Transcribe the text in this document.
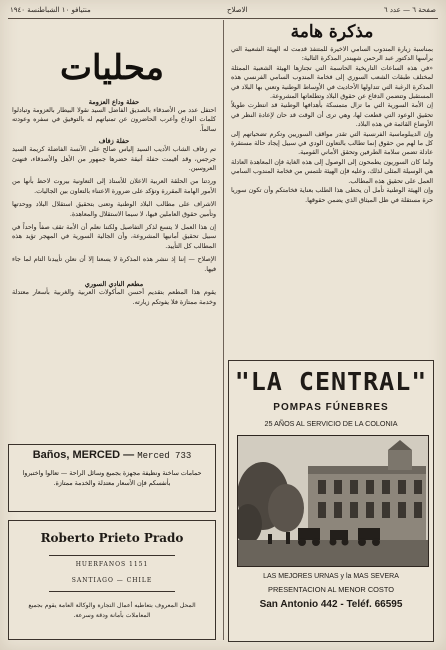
صفحة ٦ — عدد ٦
الاصلاح
منتيافو ١٠ الشباطنسة ١٩٤٠
مذكرة هامة

بمناسبة زيارة المندوب السامي الاخيرة للمتنفذ قدمت له الهيئة الشعبية التي يرأسها الدكتور عبد الرحمن شهبندر المذكرة التالية:

«في هذه الساعات التاريخية الحاسمة التي تجتازها الهيئة الشعبية الممثلة لمختلف طبقات الشعب السوري إلى فخامة المندوب السامي الفرنسي هذه المذكرة الرغبة التي تتداولها الأحاديث في الأوساط الوطنية وتعني بها البلاد في المستقبل وتتضمن الدفاع عن حقوق البلاد وتطلعاتها المشروعة.

إن الأمة السورية التي ما تزال متمسكة بأهدافها الوطنية قد انتظرت طويلاً تحقيق الوعود التي قطعت لها، وهي ترى أن الوقت قد حان لإعادة النظر في الأوضاع القائمة في هذه البلاد.

وإن الديبلوماسية الفرنسية التي تقدر مواقف السوريين وتكرم تضحياتهم إلى كل ما لهم من حقوق إنما تطالب بالتعاون الودي في سبيل إيجاد حالة مستقرة عادلة تضمن سلامة الطرفين وتحقق الأماني القومية.

ولما كان السوريون يطمحون إلى الوصول إلى هذه الغاية فإن المعاهدة العادلة هي الوسيلة المثلى لذلك، وعليه فإن الهيئة تلتمس من فخامة المندوب السامي العمل على تحقيق هذه المطالب.

وإن الهيئة الوطنية تأمل أن يحظى هذا الطلب بعناية فخامتكم وأن تكون سوريا حرة مستقلة في ظل الميثاق الذي يضمن حقوقها.

محليات
حفلة وداع العزومة

احتفل عدد من الأصدقاء بالصديق الفاضل السيد نقولا البيطار بالعزومة وتبادلوا كلمات الوداع وأعرب الحاضرون عن تمنياتهم له بالتوفيق في سفره وعودته سالماً.

حفلة زفاف

تم زفاف الشاب الأديب السيد إلياس صالح على الآنسة الفاضلة كريمة السيد جرجس، وقد أقيمت حفلة أنيقة حضرها جمهور من الأهل والأصدقاء، فنهنئ العروسين.

وردتنا من الحلقة العربية الاعلان للأستاذ إلى التعاونية بيروت لاحظ بأنها من الأمور الهامة المقررة وتؤكد على ضرورة الاعتناء بالتعاون بين الجاليات.

الاشراف على مطالب البلاد الوطنية وتعنى بتحقيق استقلال البلاد ووحدتها وتأمين حقوق العاملين فيها، لا سيما الاستقلال والمعاهدة.

إن هذا العمل لا يتسع لذكر التفاصيل ولكننا نعلم أن الأمة تقف صفاً واحداً في سبيل تحقيق أمانيها المشروعة، وأن الجالية السورية في المهجر تؤيد هذه المطالب كل التأييد.

الإصلاح — إننا إذ ننشر هذه المذكرة لا يسعنا إلا أن نعلن تأييدنا التام لما جاء فيها.

مطعم النادي السوري

يقوم هذا المطعم بتقديم أحسن المأكولات العربية والغربية بأسعار معتدلة وخدمة ممتازة فلا يفوتكم زيارته.

Baños, MERCED — Merced 733
حمامات ساخنة ونظيفة مجهزة بجميع وسائل الراحة — تعالوا واختبروا بأنفسكم فإن الأسعار معتدلة والخدمة ممتازة.
Roberto Prieto Prado
HUERFANOS 1151
SANTIAGO — CHILE
المحل المعروف بتعاطيه أعمال التجارة والوكالة العامة يقوم بجميع المعاملات بأمانة ودقة وسرعة.
"LA CENTRAL"
POMPAS FÚNEBRES
25 AÑOS AL SERVICIO DE LA COLONIA
LAS MEJORES URNAS y la MAS SEVERA
PRESENTACION AL MENOR COSTO
San Antonio 442 - Teléf. 66595
